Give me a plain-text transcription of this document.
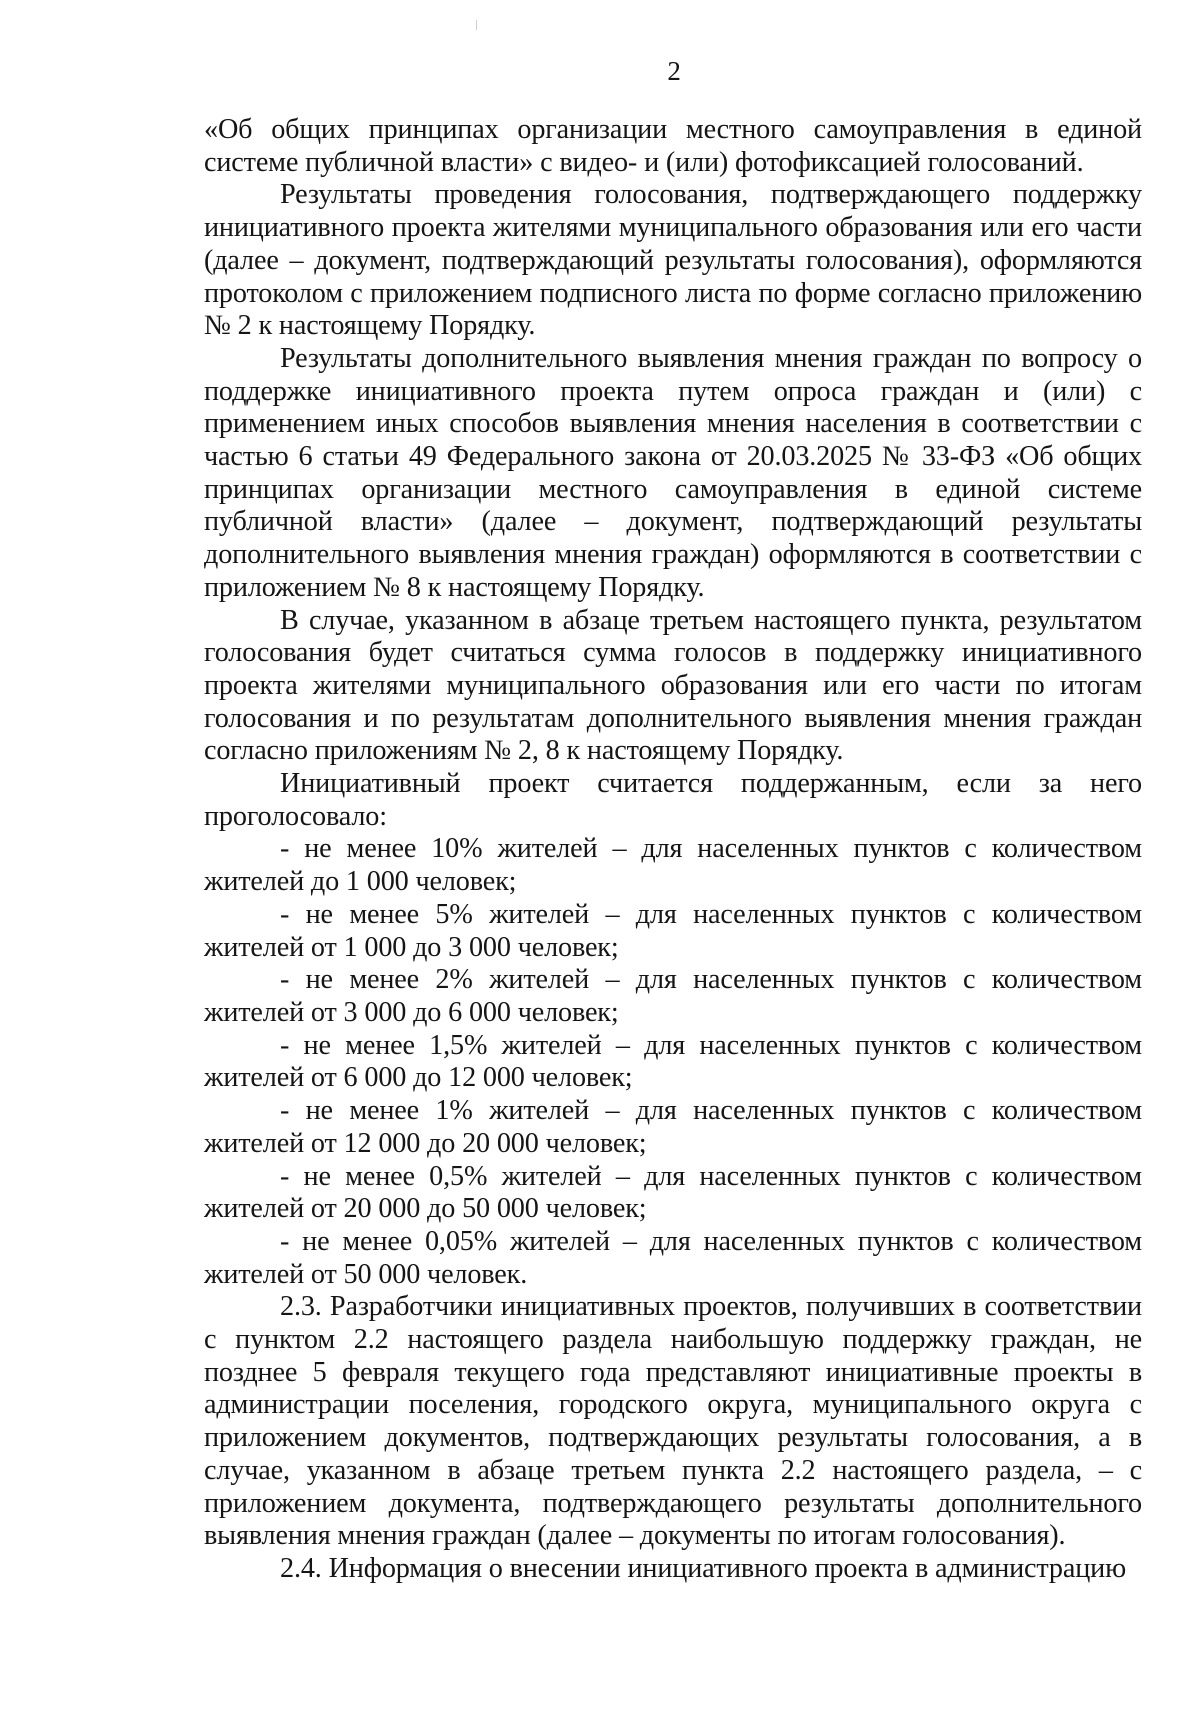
2

«Об общих принципах организации местного самоуправления в единой системе публичной власти» с видео- и (или) фотофиксацией голосований.

Результаты проведения голосования, подтверждающего поддержку инициативного проекта жителями муниципального образования или его части (далее – документ, подтверждающий результаты голосования), оформляются протоколом с приложением подписного листа по форме согласно приложению № 2 к настоящему Порядку.

Результаты дополнительного выявления мнения граждан по вопросу о поддержке инициативного проекта путем опроса граждан и (или) с применением иных способов выявления мнения населения в соответствии с частью 6 статьи 49 Федерального закона от 20.03.2025 № 33-ФЗ «Об общих принципах организации местного самоуправления в единой системе публичной власти» (далее – документ, подтверждающий результаты дополнительного выявления мнения граждан) оформляются в соответствии с приложением № 8 к настоящему Порядку.

В случае, указанном в абзаце третьем настоящего пункта, результатом голосования будет считаться сумма голосов в поддержку инициативного проекта жителями муниципального образования или его части по итогам голосования и по результатам дополнительного выявления мнения граждан согласно приложениям № 2, 8 к настоящему Порядку.

Инициативный проект считается поддержанным, если за него проголосовало:

- не менее 10% жителей – для населенных пунктов с количеством жителей до 1 000 человек;

- не менее 5% жителей – для населенных пунктов с количеством жителей от 1 000 до 3 000 человек;

- не менее 2% жителей – для населенных пунктов с количеством жителей от 3 000 до 6 000 человек;

- не менее 1,5% жителей – для населенных пунктов с количеством жителей от 6 000 до 12 000 человек;

- не менее 1% жителей – для населенных пунктов с количеством жителей от 12 000 до 20 000 человек;

- не менее 0,5% жителей – для населенных пунктов с количеством жителей от 20 000 до 50 000 человек;

- не менее 0,05% жителей – для населенных пунктов с количеством жителей от 50 000 человек.

2.3. Разработчики инициативных проектов, получивших в соответствии с пунктом 2.2 настоящего раздела наибольшую поддержку граждан, не позднее 5 февраля текущего года представляют инициативные проекты в администрации поселения, городского округа, муниципального округа с приложением документов, подтверждающих результаты голосования, а в случае, указанном в абзаце третьем пункта 2.2 настоящего раздела, – с приложением документа, подтверждающего результаты дополнительного выявления мнения граждан (далее – документы по итогам голосования).

2.4. Информация о внесении инициативного проекта в администрацию
